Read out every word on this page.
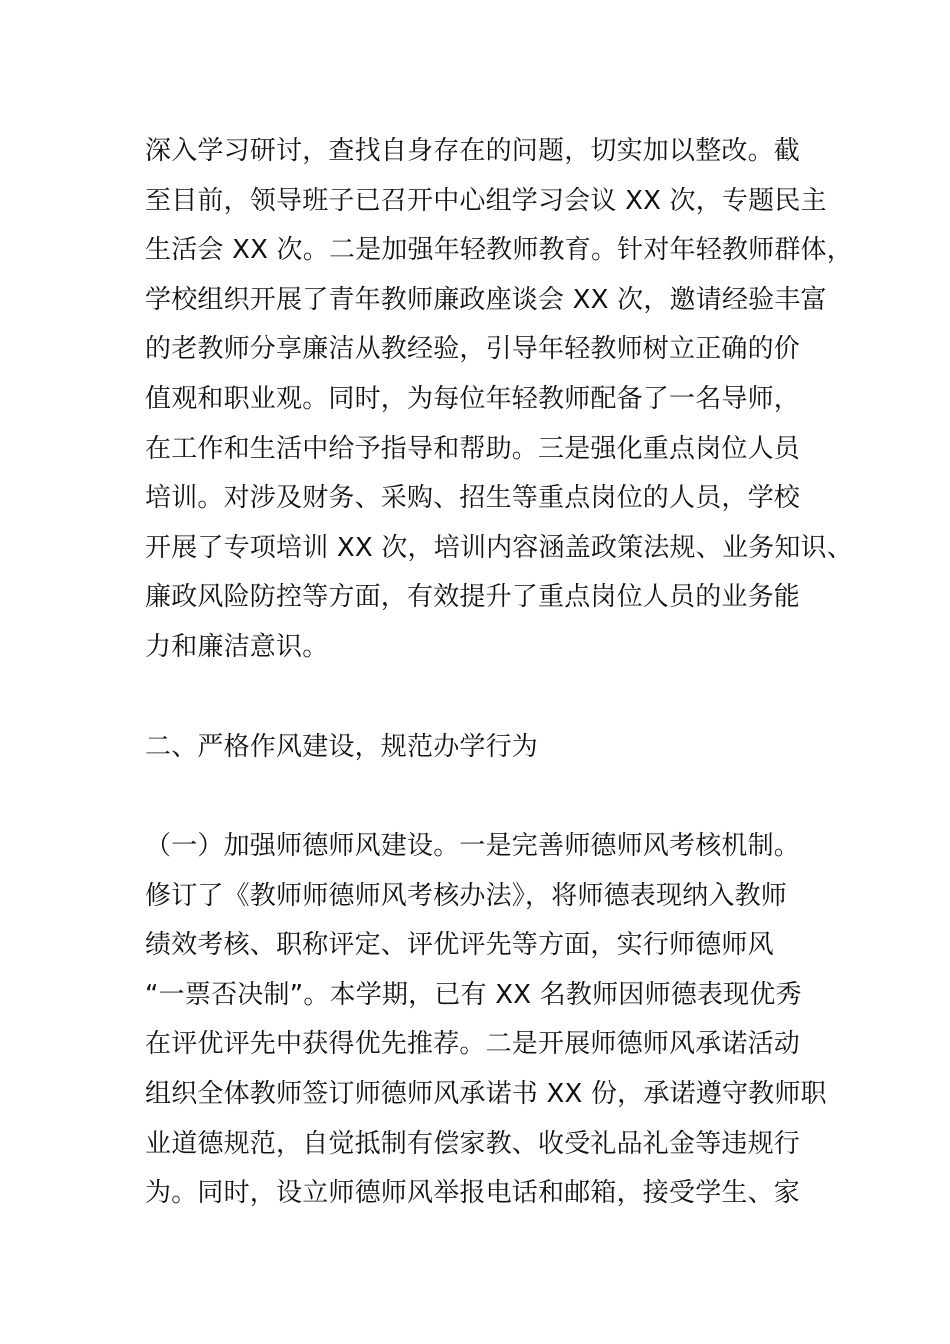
深入学习研讨，查找自身存在的问题，切实加以整改。截
至目前，领导班子已召开中心组学习会议 XX 次，专题民主
生活会 XX 次。二是加强年轻教师教育。针对年轻教师群体，
学校组织开展了青年教师廉政座谈会 XX 次，邀请经验丰富
的老教师分享廉洁从教经验，引导年轻教师树立正确的价
值观和职业观。同时，为每位年轻教师配备了一名导师，
在工作和生活中给予指导和帮助。三是强化重点岗位人员
培训。对涉及财务、采购、招生等重点岗位的人员，学校
开展了专项培训 XX 次，培训内容涵盖政策法规、业务知识、
廉政风险防控等方面，有效提升了重点岗位人员的业务能
力和廉洁意识。
二、严格作风建设，规范办学行为
（一）加强师德师风建设。一是完善师德师风考核机制。
修订了《教师师德师风考核办法》，将师德表现纳入教师
绩效考核、职称评定、评优评先等方面，实行师德师风
“一票否决制”。本学期，已有 XX 名教师因师德表现优秀
在评优评先中获得优先推荐。二是开展师德师风承诺活动
组织全体教师签订师德师风承诺书 XX 份，承诺遵守教师职
业道德规范，自觉抵制有偿家教、收受礼品礼金等违规行
为。同时，设立师德师风举报电话和邮箱，接受学生、家
